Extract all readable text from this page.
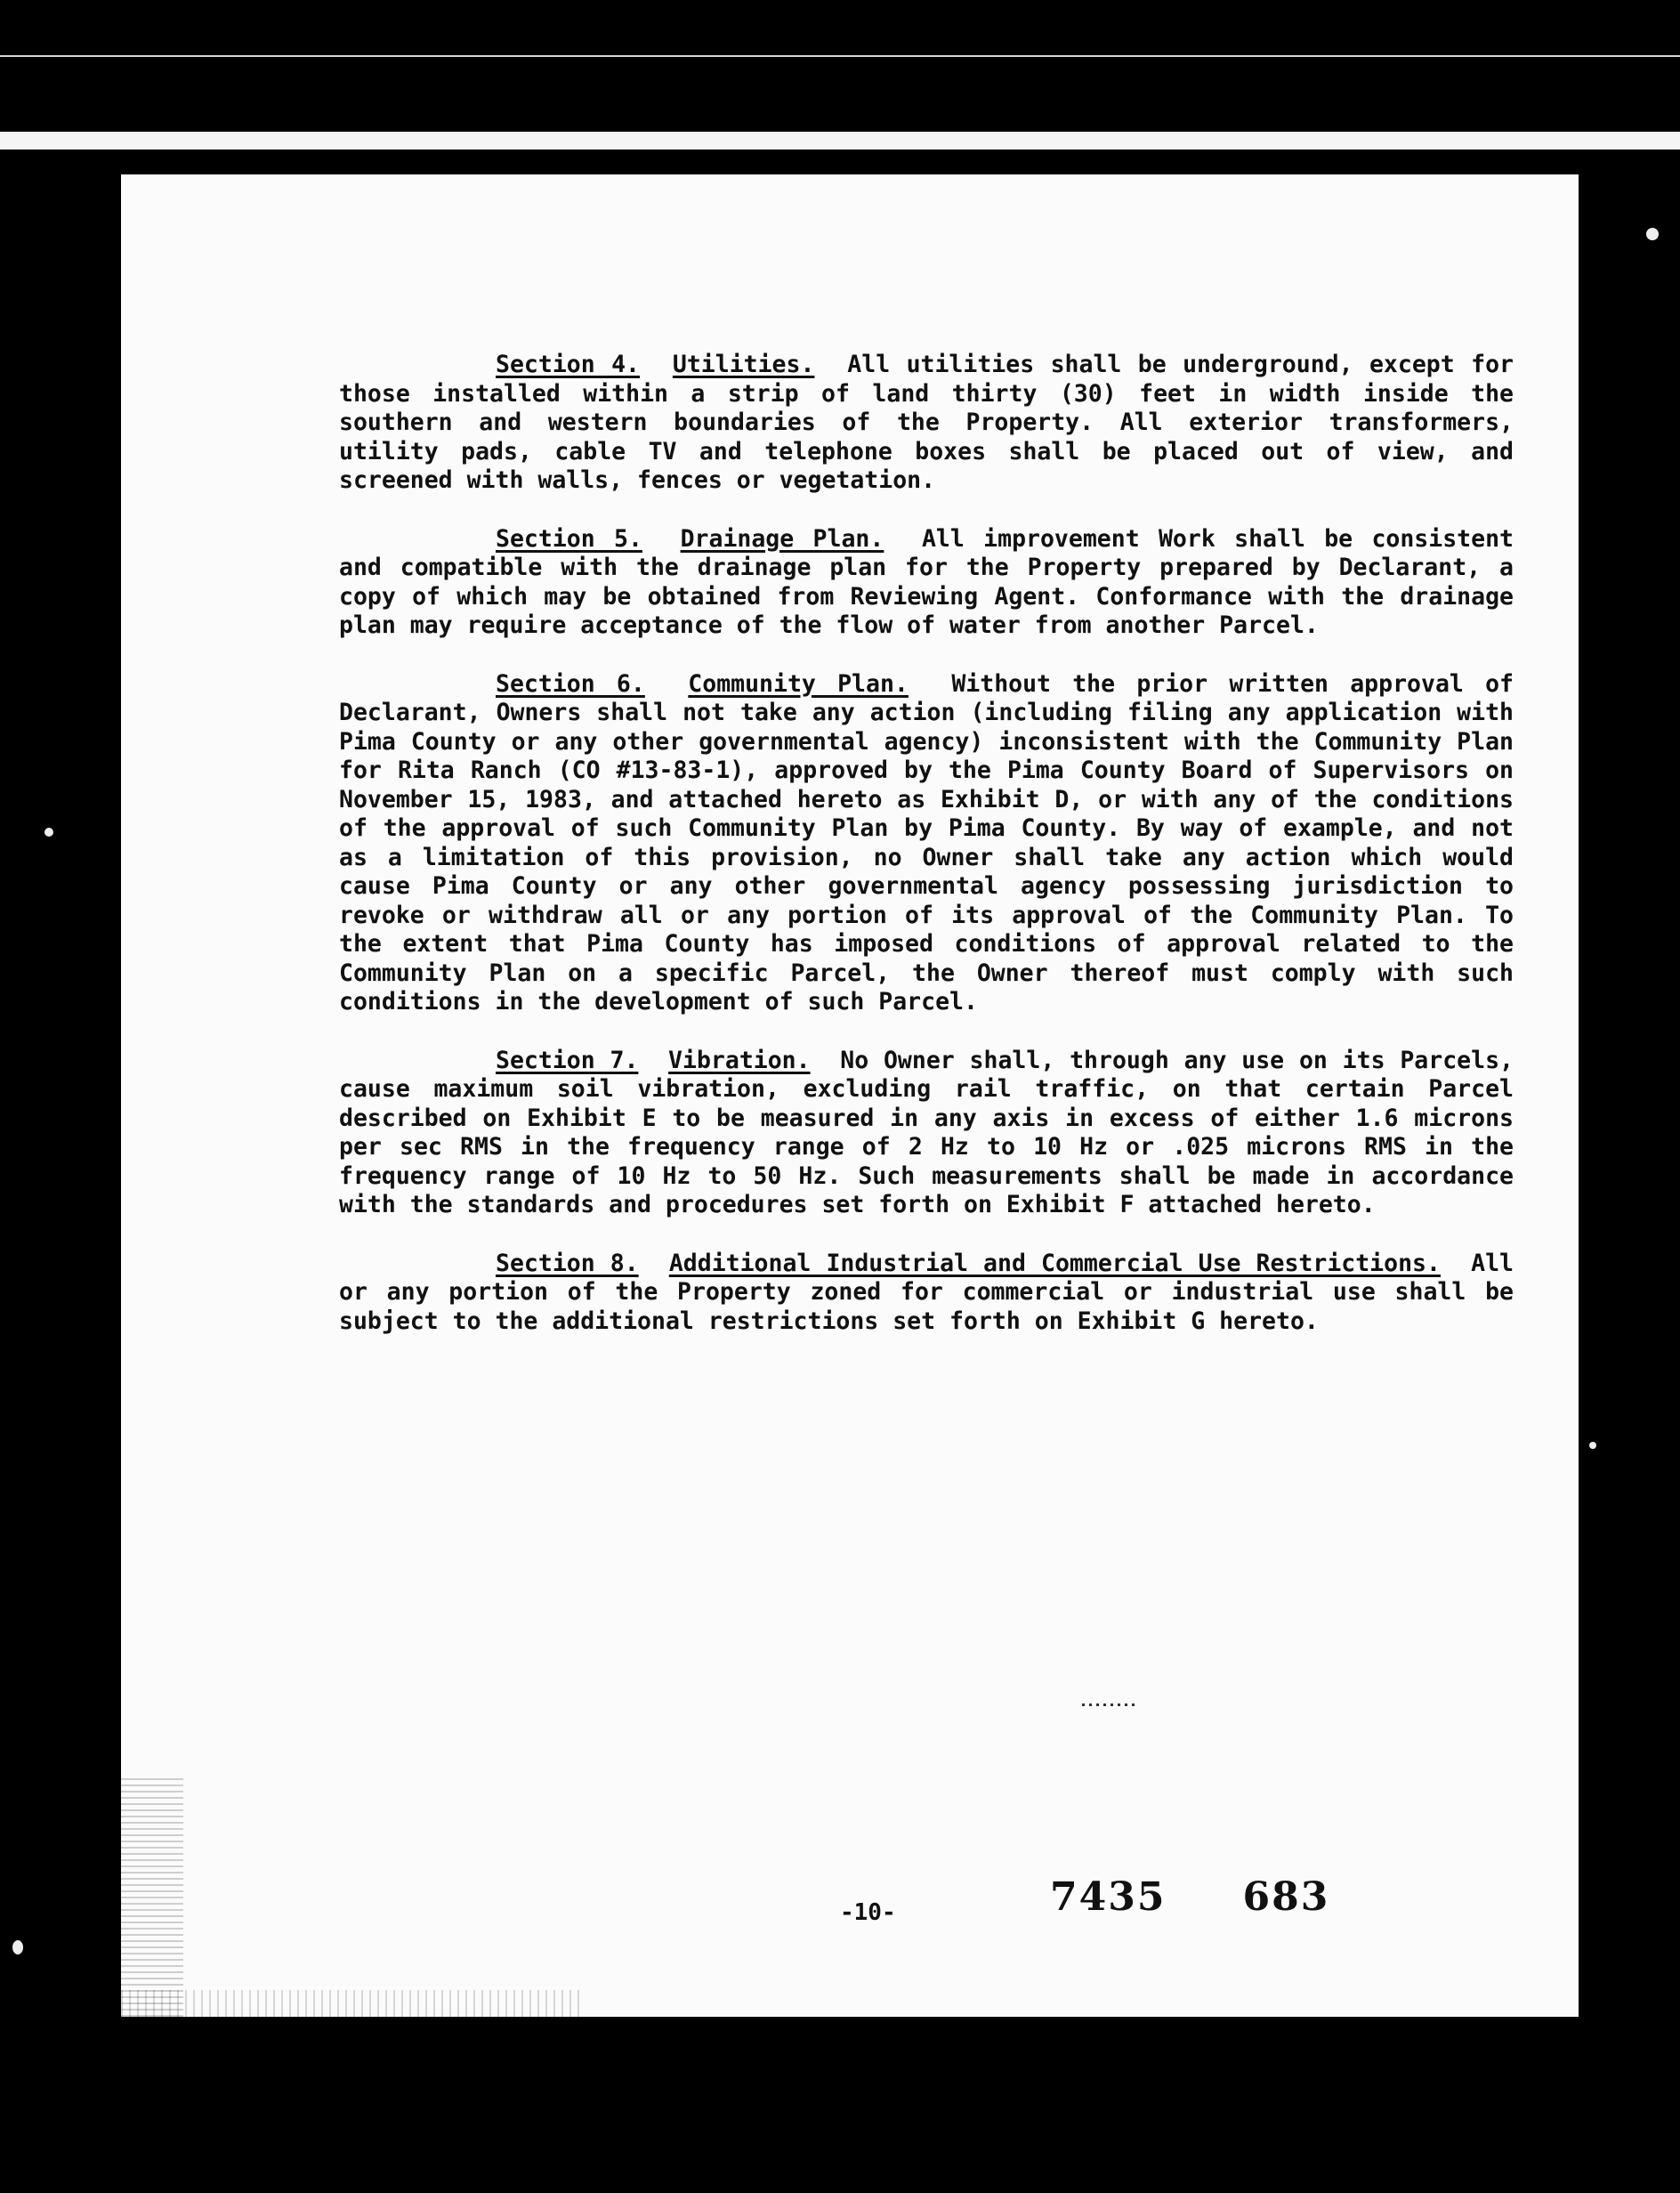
Section 4. Utilities. All utilities shall be underground, except for those installed within a strip of land thirty (30) feet in width inside the southern and western boundaries of the Property. All exterior transformers, utility pads, cable TV and telephone boxes shall be placed out of view, and screened with walls, fences or vegetation.

Section 5. Drainage Plan. All improvement Work shall be consistent and compatible with the drainage plan for the Property prepared by Declarant, a copy of which may be obtained from Reviewing Agent. Conformance with the drainage plan may require acceptance of the flow of water from another Parcel.

Section 6. Community Plan. Without the prior written approval of Declarant, Owners shall not take any action (including filing any application with Pima County or any other governmental agency) inconsistent with the Community Plan for Rita Ranch (CO #13-83-1), approved by the Pima County Board of Supervisors on November 15, 1983, and attached hereto as Exhibit D, or with any of the conditions of the approval of such Community Plan by Pima County. By way of example, and not as a limitation of this provision, no Owner shall take any action which would cause Pima County or any other governmental agency possessing jurisdiction to revoke or withdraw all or any portion of its approval of the Community Plan. To the extent that Pima County has imposed conditions of approval related to the Community Plan on a specific Parcel, the Owner thereof must comply with such conditions in the development of such Parcel.

Section 7. Vibration. No Owner shall, through any use on its Parcels, cause maximum soil vibration, excluding rail traffic, on that certain Parcel described on Exhibit E to be measured in any axis in excess of either 1.6 microns per sec RMS in the frequency range of 2 Hz to 10 Hz or .025 microns RMS in the frequency range of 10 Hz to 50 Hz. Such measurements shall be made in accordance with the standards and procedures set forth on Exhibit F attached hereto.

Section 8. Additional Industrial and Commercial Use Restrictions. All or any portion of the Property zoned for commercial or industrial use shall be subject to the additional restrictions set forth on Exhibit G hereto.

-10-	7435 683
